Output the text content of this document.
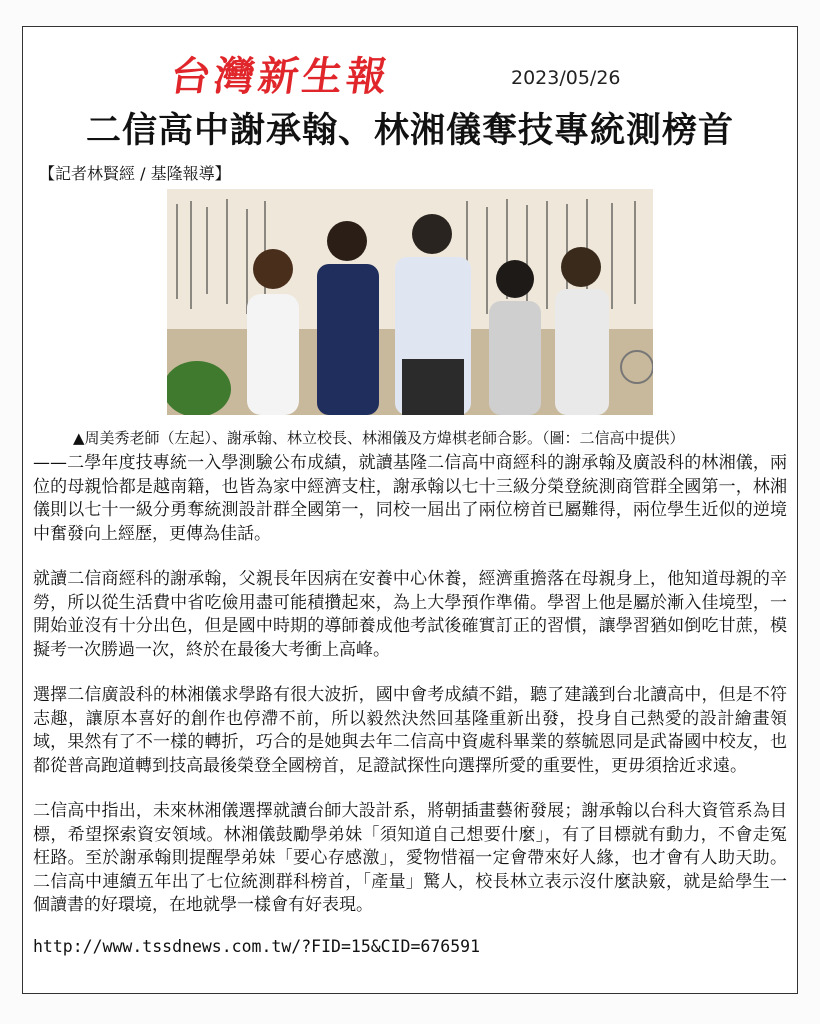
台灣新生報	2023/05/26
二信高中謝承翰、林湘儀奪技專統測榜首
【記者林賢經 / 基隆報導】
▲周美秀老師（左起）、謝承翰、林立校長、林湘儀及方煒棋老師合影。（圖：二信高中提供）

——二學年度技專統一入學測驗公布成績，就讀基隆二信高中商經科的謝承翰及廣設科的林湘儀，兩位的母親恰都是越南籍，也皆為家中經濟支柱，謝承翰以七十三級分榮登統測商管群全國第一，林湘儀則以七十一級分勇奪統測設計群全國第一，同校一屆出了兩位榜首已屬難得，兩位學生近似的逆境中奮發向上經歷，更傳為佳話。

就讀二信商經科的謝承翰，父親長年因病在安養中心休養，經濟重擔落在母親身上，他知道母親的辛勞，所以從生活費中省吃儉用盡可能積攢起來，為上大學預作準備。學習上他是屬於漸入佳境型，一開始並沒有十分出色，但是國中時期的導師養成他考試後確實訂正的習慣，讓學習猶如倒吃甘蔗，模擬考一次勝過一次，終於在最後大考衝上高峰。

選擇二信廣設科的林湘儀求學路有很大波折，國中會考成績不錯，聽了建議到台北讀高中，但是不符志趣，讓原本喜好的創作也停滯不前，所以毅然決然回基隆重新出發，投身自己熱愛的設計繪畫領域，果然有了不一樣的轉折，巧合的是她與去年二信高中資處科畢業的蔡毓恩同是武崙國中校友，也都從普高跑道轉到技高最後榮登全國榜首，足證試探性向選擇所愛的重要性，更毋須捨近求遠。

二信高中指出，未來林湘儀選擇就讀台師大設計系，將朝插畫藝術發展；謝承翰以台科大資管系為目標，希望探索資安領域。林湘儀鼓勵學弟妹「須知道自己想要什麼」，有了目標就有動力，不會走冤枉路。至於謝承翰則提醒學弟妹「要心存感激」，愛物惜福一定會帶來好人緣，也才會有人助天助。二信高中連續五年出了七位統測群科榜首，「產量」驚人，校長林立表示沒什麼訣竅，就是給學生一個讀書的好環境，在地就學一樣會有好表現。

http://www.tssdnews.com.tw/?FID=15&CID=676591
